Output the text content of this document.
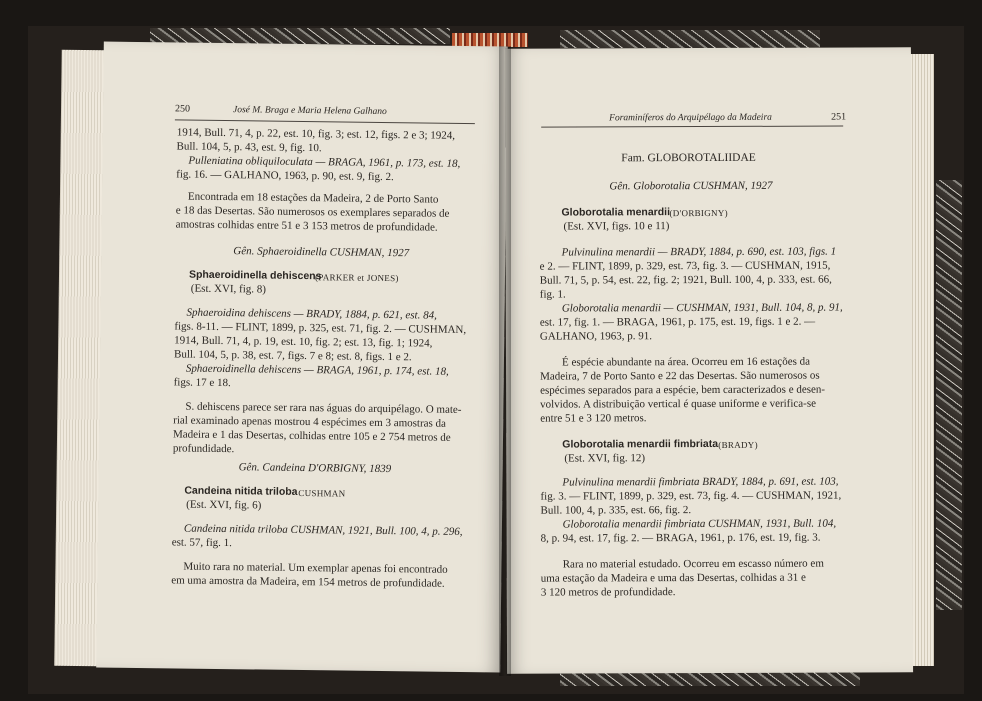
250	José M. Braga e Maria Helena Galhano
1914, Bull. 71, 4, p. 22, est. 10, fig. 3; est. 12, figs. 2 e 3; 1924,
Bull. 104, 5, p. 43, est. 9, fig. 10.
Pulleniatina obliquiloculata — BRAGA, 1961, p. 173, est. 18,
fig. 16. — GALHANO, 1963, p. 90, est. 9, fig. 2.
Encontrada em 18 estações da Madeira, 2 de Porto Santo
e 18 das Desertas. São numerosos os exemplares separados de
amostras colhidas entre 51 e 3 153 metros de profundidade.
Gên. Sphaeroidinella CUSHMAN, 1927
Sphaeroidinella dehiscens
(PARKER et JONES)
(Est. XVI, fig. 8)
Sphaeroidina dehiscens — BRADY, 1884, p. 621, est. 84,
figs. 8-11. — FLINT, 1899, p. 325, est. 71, fig. 2. — CUSHMAN,
1914, Bull. 71, 4, p. 19, est. 10, fig. 2; est. 13, fig. 1; 1924,
Bull. 104, 5, p. 38, est. 7, figs. 7 e 8; est. 8, figs. 1 e 2.
Sphaeroidinella dehiscens — BRAGA, 1961, p. 174, est. 18,
figs. 17 e 18.
S. dehiscens parece ser rara nas águas do arquipélago. O mate-
rial examinado apenas mostrou 4 espécimes em 3 amostras da
Madeira e 1 das Desertas, colhidas entre 105 e 2 754 metros de
profundidade.
Gên. Candeina D'ORBIGNY, 1839
Candeina nitida triloba CUSHMAN
(Est. XVI, fig. 6)
Candeina nitida triloba CUSHMAN, 1921, Bull. 100, 4, p. 296,
est. 57, fig. 1.
Muito rara no material. Um exemplar apenas foi encontrado
em uma amostra da Madeira, em 154 metros de profundidade.
Foraminíferos do Arquipélago da Madeira	251
Fam. GLOBOROTALIIDAE
Gên. Globorotalia CUSHMAN, 1927
Globorotalia menardii (D'ORBIGNY)
(Est. XVI, figs. 10 e 11)
Pulvinulina menardii — BRADY, 1884, p. 690, est. 103, figs. 1
e 2. — FLINT, 1899, p. 329, est. 73, fig. 3. — CUSHMAN, 1915,
Bull. 71, 5, p. 54, est. 22, fig. 2; 1921, Bull. 100, 4, p. 333, est. 66,
fig. 1.
Globorotalia menardii — CUSHMAN, 1931, Bull. 104, 8, p. 91,
est. 17, fig. 1. — BRAGA, 1961, p. 175, est. 19, figs. 1 e 2. —
GALHANO, 1963, p. 91.
É espécie abundante na área. Ocorreu em 16 estações da
Madeira, 7 de Porto Santo e 22 das Desertas. São numerosos os
espécimes separados para a espécie, bem caracterizados e desen-
volvidos. A distribuição vertical é quase uniforme e verifica-se
entre 51 e 3 120 metros.
Globorotalia menardii fimbriata (BRADY)
(Est. XVI, fig. 12)
Pulvinulina menardii fimbriata BRADY, 1884, p. 691, est. 103,
fig. 3. — FLINT, 1899, p. 329, est. 73, fig. 4. — CUSHMAN, 1921,
Bull. 100, 4, p. 335, est. 66, fig. 2.
Globorotalia menardii fimbriata CUSHMAN, 1931, Bull. 104,
8, p. 94, est. 17, fig. 2. — BRAGA, 1961, p. 176, est. 19, fig. 3.
Rara no material estudado. Ocorreu em escasso número em
uma estação da Madeira e uma das Desertas, colhidas a 31 e
3 120 metros de profundidade.
